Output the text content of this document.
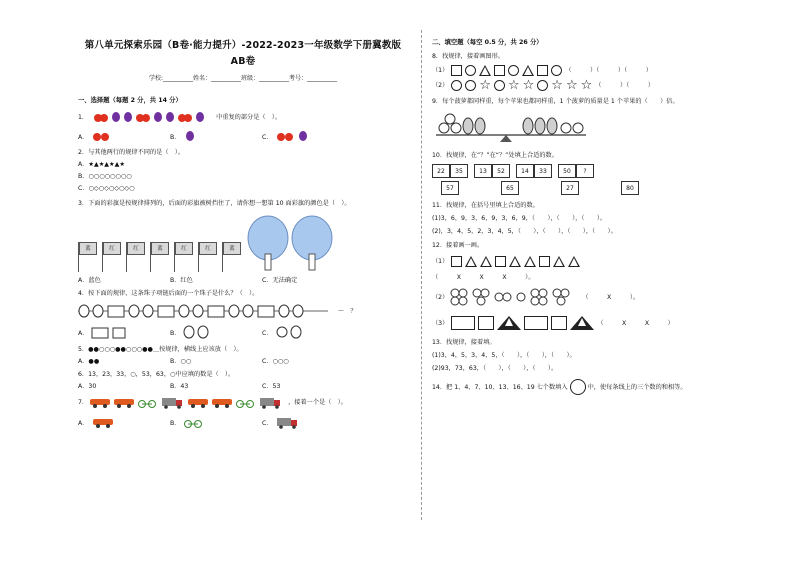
第八单元探索乐园（B卷·能力提升）-2022-2023一年级数学下册冀教版AB卷
学校:__________姓名：__________班级：__________考号：__________
一、选择题（每题 2 分，共 14 分）
1．	中重复的部分是（　）。
A．	B．	C．
2．与其他两行的规律不同的是（　）。
A．★▲★▲★▲★
B．○○○○○○○○
C．○◇○◇○◇○◇○
3．下面的彩旗是按规律排列的，后面的彩旗被树挡住了，请你想一想第 10 面彩旗的颜色是（　）。
蓝	红	红	蓝	红	红	蓝
A．蓝色	B．红色	C．无法确定
4．按下面的规律，这条珠子项链后面的一个珠子是什么？（　）。
～　？
A．	B．	C．
5．●●○○○●●○○○●●＿按规律，横线上应该放（　）。
A．●●	B．○○	C．○○○
6．13，23，33，○，53，63，○中应填的数是（　）。
A．30	B．43	C．53
7．	，接着一个是（　）。
A．	B．	C．
二、填空题（每空 0.5 分，共 26 分）
8．找规律，接着画图形。
（1）	（　　　）（　　　）（　　　）
（2） ☆ ☆ ☆ ☆ ☆ ☆ （　　　）（　　　）
9．每个菠萝都同样重，每个苹果也都同样重，1 个菠萝的质量是 1 个苹果的（　　）倍。
10．找规律，在“？”在“？”处填上合适的数。
22	35	13	52	14	33	50	?
57	65	27	80
11．找规律，在括号里填上合适的数。
(1)3，6，9，3，6，9，3，6，9，（　　），（　　），（　　）。
(2)，3，4，5，2，3，4，5，（　　），（　　），（　　），（　　）。
12．接着画一画。
（1）
（　　　X　　　X　　　X　　　）。
（2）	（　　　X　　　）。
（3）	（　　　X　　　X　　　）
13．找规律，接着填。
(1)3，4，5，3，4，5，（　　），（　　），（　　）。
(2)93，73，63，（　　），（　　），（　　）。
14．把 1、4、7、10、13、16、19 七个数填入	中，使每条线上的三个数的和相等。
